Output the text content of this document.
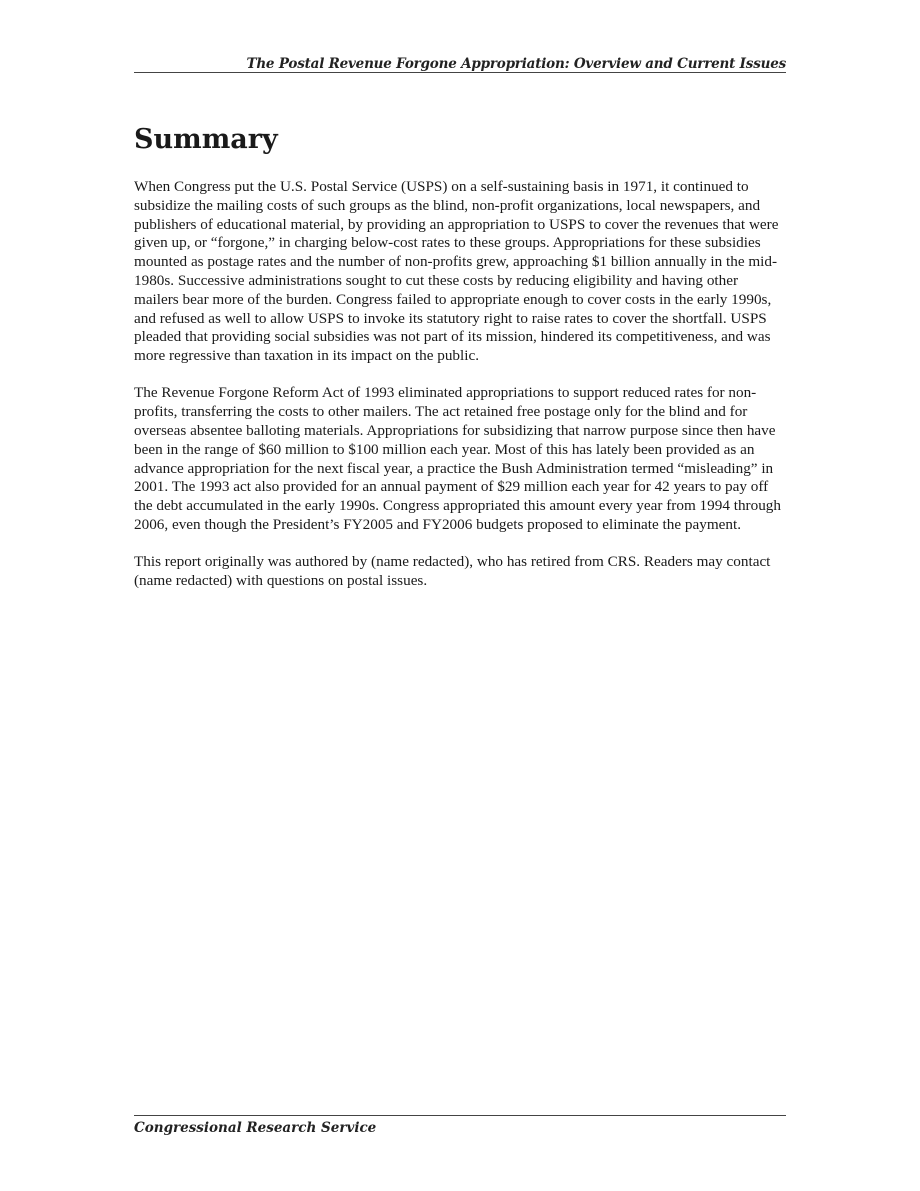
The Postal Revenue Forgone Appropriation: Overview and Current Issues
Summary

When Congress put the U.S. Postal Service (USPS) on a self-sustaining basis in 1971, it continued to subsidize the mailing costs of such groups as the blind, non-profit organizations, local newspapers, and publishers of educational material, by providing an appropriation to USPS to cover the revenues that were given up, or “forgone,” in charging below-cost rates to these groups. Appropriations for these subsidies mounted as postage rates and the number of non-profits grew, approaching $1 billion annually in the mid-1980s. Successive administrations sought to cut these costs by reducing eligibility and having other mailers bear more of the burden. Congress failed to appropriate enough to cover costs in the early 1990s, and refused as well to allow USPS to invoke its statutory right to raise rates to cover the shortfall. USPS pleaded that providing social subsidies was not part of its mission, hindered its competitiveness, and was more regressive than taxation in its impact on the public.

The Revenue Forgone Reform Act of 1993 eliminated appropriations to support reduced rates for non-profits, transferring the costs to other mailers. The act retained free postage only for the blind and for overseas absentee balloting materials. Appropriations for subsidizing that narrow purpose since then have been in the range of $60 million to $100 million each year. Most of this has lately been provided as an advance appropriation for the next fiscal year, a practice the Bush Administration termed “misleading” in 2001. The 1993 act also provided for an annual payment of $29 million each year for 42 years to pay off the debt accumulated in the early 1990s. Congress appropriated this amount every year from 1994 through 2006, even though the President’s FY2005 and FY2006 budgets proposed to eliminate the payment.

This report originally was authored by (name redacted), who has retired from CRS. Readers may contact (name redacted) with questions on postal issues.

Congressional Research Service
